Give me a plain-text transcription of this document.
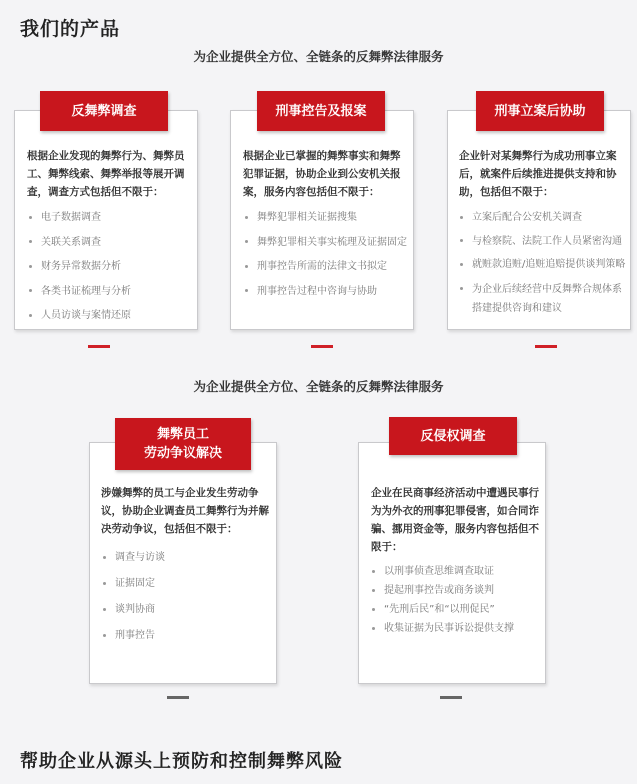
我们的产品
为企业提供全方位、全链条的反舞弊法律服务
反舞弊调查

根据企业发现的舞弊行为、舞弊员工、舞弊线索、舞弊举报等展开调查，调查方式包括但不限于：

电子数据调查
关联关系调查
财务异常数据分析
各类书证梳理与分析
人员访谈与案情还原
刑事控告及报案

根据企业已掌握的舞弊事实和舞弊犯罪证据，协助企业到公安机关报案，服务内容包括但不限于：

舞弊犯罪相关证据搜集
舞弊犯罪相关事实梳理及证据固定
刑事控告所需的法律文书拟定
刑事控告过程中咨询与协助
刑事立案后协助

企业针对某舞弊行为成功刑事立案后，就案件后续推进提供支持和协助，包括但不限于：

立案后配合公安机关调查
与检察院、法院工作人员紧密沟通
就赃款追赃/追赃追赔提供谈判策略
为企业后续经营中反舞弊合规体系搭建提供咨询和建议
为企业提供全方位、全链条的反舞弊法律服务
舞弊员工
劳动争议解决

涉嫌舞弊的员工与企业发生劳动争议，协助企业调查员工舞弊行为并解决劳动争议，包括但不限于：

调查与访谈
证据固定
谈判协商
刑事控告
反侵权调查

企业在民商事经济活动中遭遇民事行为为外衣的刑事犯罪侵害，如合同诈骗、挪用资金等，服务内容包括但不限于：

以刑事侦查思维调查取证
提起刑事控告或商务谈判
“先刑后民”和“以刑促民”
收集证据为民事诉讼提供支撑
帮助企业从源头上预防和控制舞弊风险
